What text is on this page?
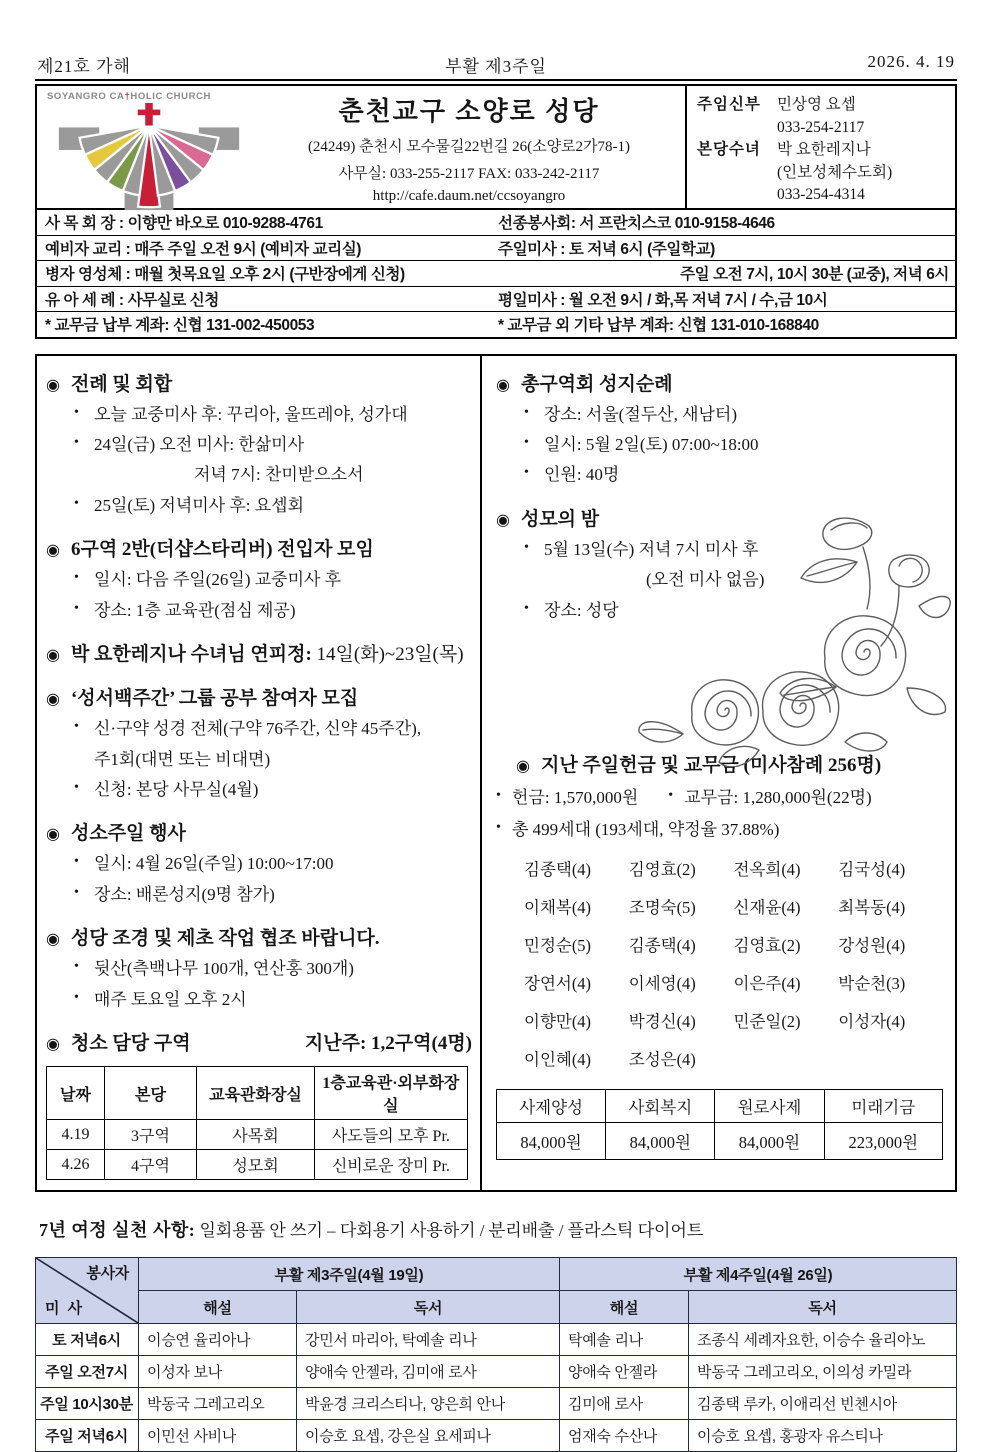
제21호 가해	부활 제3주일	2026. 4. 19
SOYANGRO CA†HOLIC CHURCH
춘천교구 소양로 성당
(24249) 춘천시 모수물길22번길 26(소양로2가78-1)
사무실: 033-255-2117 FAX: 033-242-2117
http://cafe.daum.net/ccsoyangro
주임신부	민상영 요셉
033-254-2117
본당수녀	박 요한레지나
(인보성체수도회)
033-254-4314
사 목 회 장 : 이향만 바오로 010-9288-4761	선종봉사회: 서 프란치스코 010-9158-4646
예비자 교리 : 매주 주일 오전 9시 (예비자 교리실)	주일미사 : 토 저녁 6시 (주일학교)
병자 영성체 : 매월 첫목요일 오후 2시 (구반장에게 신청)	주일 오전 7시, 10시 30분 (교중), 저녁 6시
유 아 세 례 : 사무실로 신청	평일미사 : 월 오전 9시 / 화,목 저녁 7시 / 수,금 10시
* 교무금 납부 계좌: 신협 131-002-450053	* 교무금 외 기타 납부 계좌: 신협 131-010-168840
◉ 전례 및 회합
• 오늘 교중미사 후: 꾸리아, 울뜨레야, 성가대
• 24일(금) 오전 미사: 한삶미사
저녁 7시: 찬미받으소서
• 25일(토) 저녁미사 후: 요셉회
◉ 6구역 2반(더샵스타리버) 전입자 모임
• 일시: 다음 주일(26일) 교중미사 후
• 장소: 1층 교육관(점심 제공)
◉ 박 요한레지나 수녀님 연피정: 14일(화)~23일(목)
◉ ‘성서백주간’ 그룹 공부 참여자 모집
• 신·구약 성경 전체(구약 76주간, 신약 45주간),
주1회(대면 또는 비대면)
• 신청: 본당 사무실(4월)
◉ 성소주일 행사
• 일시: 4월 26일(주일) 10:00~17:00
• 장소: 배론성지(9명 참가)
◉ 성당 조경 및 제초 작업 협조 바랍니다.
• 뒷산(측백나무 100개, 연산홍 300개)
• 매주 토요일 오후 2시
◉ 청소 담당 구역	지난주: 1,2구역(4명)
날짜	본당	교육관화장실	1층교육관·외부화장실
4.19	3구역	사목회	사도들의 모후 Pr.
4.26	4구역	성모회	신비로운 장미 Pr.
◉ 총구역회 성지순례
• 장소: 서울(절두산, 새남터)
• 일시: 5월 2일(토) 07:00~18:00
• 인원: 40명
◉ 성모의 밤
• 5월 13일(수) 저녁 7시 미사 후
(오전 미사 없음)
• 장소: 성당
◉ 지난 주일헌금 및 교무금 (미사참례 256명)
• 헌금: 1,570,000원 • 교무금: 1,280,000원(22명)
• 총 499세대 (193세대, 약정율 37.88%)
김종택(4)	김영효(2)	전옥희(4)	김국성(4)
이채복(4)	조명숙(5)	신재윤(4)	최복동(4)
민정순(5)	김종택(4)	김영효(2)	강성원(4)
장연서(4)	이세영(4)	이은주(4)	박순천(3)
이향만(4)	박경신(4)	민준일(2)	이성자(4)
이인혜(4)	조성은(4)
사제양성	사회복지	원로사제	미래기금
84,000원	84,000원	84,000원	223,000원
7년 여정 실천 사항: 일회용품 안 쓰기 – 다회용기 사용하기 / 분리배출 / 플라스틱 다이어트
봉사자
미 사	부활 제3주일(4월 19일)		부활 제4주일(4월 26일)	
	해설	독서	해설	독서
토 저녁6시	이승연 율리아나	강민서 마리아, 탁예솔 리나	탁예솔 리나	조종식 세례자요한, 이승수 율리아노
주일 오전7시	이성자 보나	양애숙 안젤라, 김미애 로사	양애숙 안젤라	박동국 그레고리오, 이의성 카밀라
주일 10시30분	박동국 그레고리오	박윤경 크리스티나, 양은희 안나	김미애 로사	김종택 루카, 이애리선 빈첸시아
주일 저녁6시	이민선 사비나	이승호 요셉, 강은실 요세피나	엄재숙 수산나	이승호 요셉, 홍광자 유스티나
